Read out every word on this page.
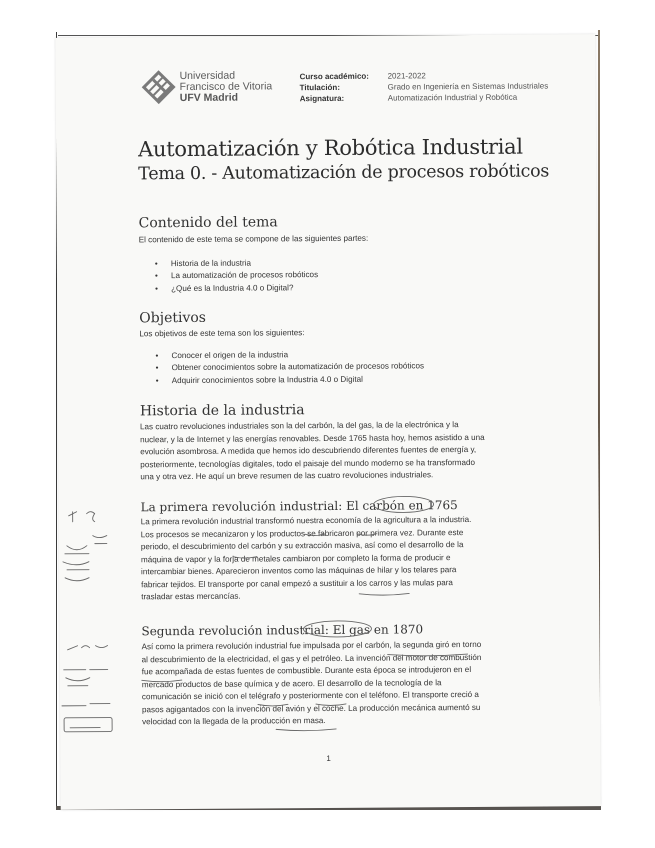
Universidad
Francisco de Vitoria
UFV Madrid
Curso académico:	2021-2022
Titulación:	Grado en Ingeniería en Sistemas Industriales
Asignatura:	Automatización Industrial y Robótica
Automatización y Robótica Industrial
Tema 0. - Automatización de procesos robóticos
Contenido del tema

El contenido de este tema se compone de las siguientes partes:

• Historia de la industria
• La automatización de procesos robóticos
• ¿Qué es la Industria 4.0 o Digital?
Objetivos

Los objetivos de este tema son los siguientes:

• Conocer el origen de la industria
• Obtener conocimientos sobre la automatización de procesos robóticos
• Adquirir conocimientos sobre la Industria 4.0 o Digital
Historia de la industria
Las cuatro revoluciones industriales son la del carbón, la del gas, la de la electrónica y la
nuclear, y la de Internet y las energías renovables. Desde 1765 hasta hoy, hemos asistido a una
evolución asombrosa. A medida que hemos ido descubriendo diferentes fuentes de energía y,
posteriormente, tecnologías digitales, todo el paisaje del mundo moderno se ha transformado
una y otra vez. He aquí un breve resumen de las cuatro revoluciones industriales.
La primera revolución industrial: El carbón en 1765
La primera revolución industrial transformó nuestra economía de la agricultura a la industria.
Los procesos se mecanizaron y los productos se fabricaron por primera vez. Durante este
periodo, el descubrimiento del carbón y su extracción masiva, así como el desarrollo de la
máquina de vapor y la forja de metales cambiaron por completo la forma de producir e
intercambiar bienes. Aparecieron inventos como las máquinas de hilar y los telares para
fabricar tejidos. El transporte por canal empezó a sustituir a los carros y las mulas para
trasladar estas mercancías.
Segunda revolución industrial: El gas en 1870
Así como la primera revolución industrial fue impulsada por el carbón, la segunda giró en torno
al descubrimiento de la electricidad, el gas y el petróleo. La invención del motor de combustión
fue acompañada de estas fuentes de combustible. Durante esta época se introdujeron en el
mercado productos de base química y de acero. El desarrollo de la tecnología de la
comunicación se inició con el telégrafo y posteriormente con el teléfono. El transporte creció a
pasos agigantados con la invención del avión y el coche. La producción mecánica aumentó su
velocidad con la llegada de la producción en masa.
1
